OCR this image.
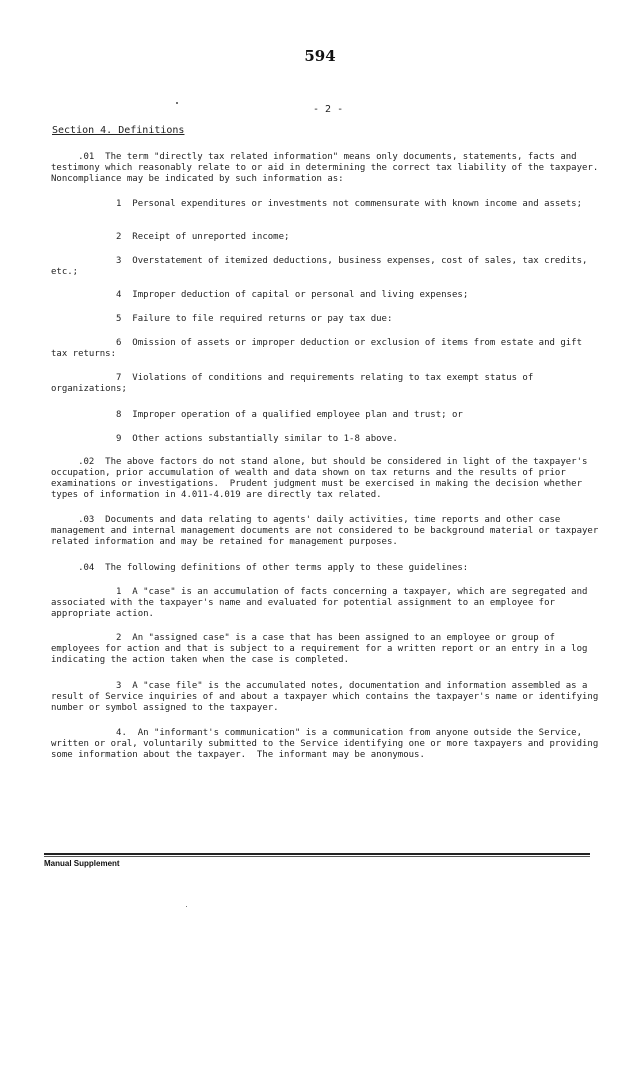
594
- 2 -
Section 4. Definitions
.01  The term "directly tax related information" means only documents, statements, facts and testimony which reasonably relate to or aid in determining the correct tax liability of the taxpayer.  Noncompliance may be indicated by such information as:
1  Personal expenditures or investments not commensurate with known income and assets;
2  Receipt of unreported income;
3  Overstatement of itemized deductions, business expenses, cost of sales, tax credits, etc.;
4  Improper deduction of capital or personal and living expenses;
5  Failure to file required returns or pay tax due:
6  Omission of assets or improper deduction or exclusion of items from estate and gift tax returns:
7  Violations of conditions and requirements relating to tax exempt status of organizations;
8  Improper operation of a qualified employee plan and trust; or
9  Other actions substantially similar to 1-8 above.
.02  The above factors do not stand alone, but should be considered in light of the taxpayer's occupation, prior accumulation of wealth and data shown on tax returns and the results of prior examinations or investigations.  Prudent judgment must be exercised in making the decision whether types of information in 4.011-4.019 are directly tax related.
.03  Documents and data relating to agents' daily activities, time reports and other case management and internal management documents are not considered to be background material or taxpayer related information and may be retained for management purposes.
.04  The following definitions of other terms apply to these guidelines:
1  A "case" is an accumulation of facts concerning a taxpayer, which are segregated and associated with the taxpayer's name and evaluated for potential assignment to an employee for appropriate action.
2  An "assigned case" is a case that has been assigned to an employee or group of employees for action and that is subject to a requirement for a written report or an entry in a log indicating the action taken when the case is completed.
3  A "case file" is the accumulated notes, documentation and information assembled as a result of Service inquiries of and about a taxpayer which contains the taxpayer's name or identifying number or symbol assigned to the taxpayer.
4.  An "informant's communication" is a communication from anyone outside the Service, written or oral, voluntarily submitted to the Service identifying one or more taxpayers and providing some information about the taxpayer.  The informant may be anonymous.
Manual Supplement
